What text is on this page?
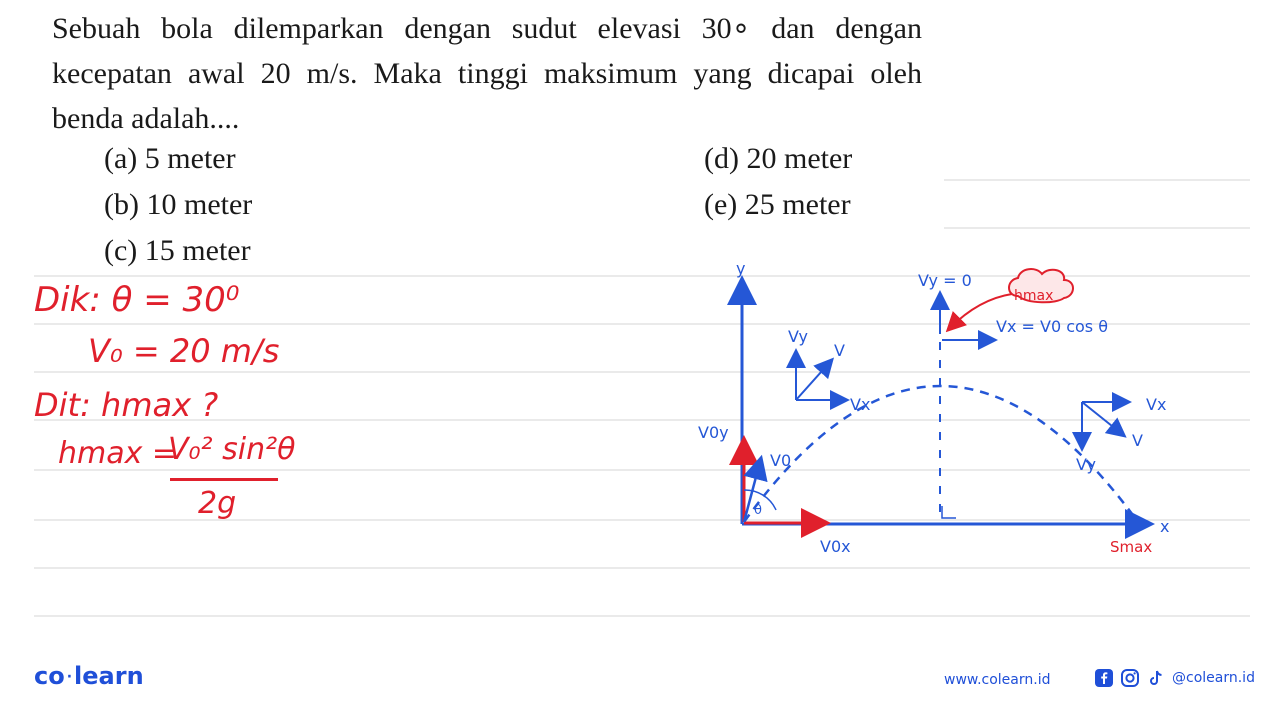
Sebuah bola dilemparkan dengan sudut elevasi 30∘ dan dengan kecepatan awal 20 m/s. Maka tinggi maksimum yang dicapai oleh benda adalah....
(a) 5 meter
(b) 10 meter
(c) 15 meter
(d) 20 meter
(e) 25 meter
Dik: θ = 30⁰
V₀ = 20 m/s
Dit: hmax ?
hmax =
V₀² sin²θ
2g
y
x
θ
V0y
V0
V0x
Vy
V
Vx
Vy = 0
Vx = V0 cos θ
hmax
Vx
V
Vy
Smax
co ·learn	www.colearn.id	@colearn.id
